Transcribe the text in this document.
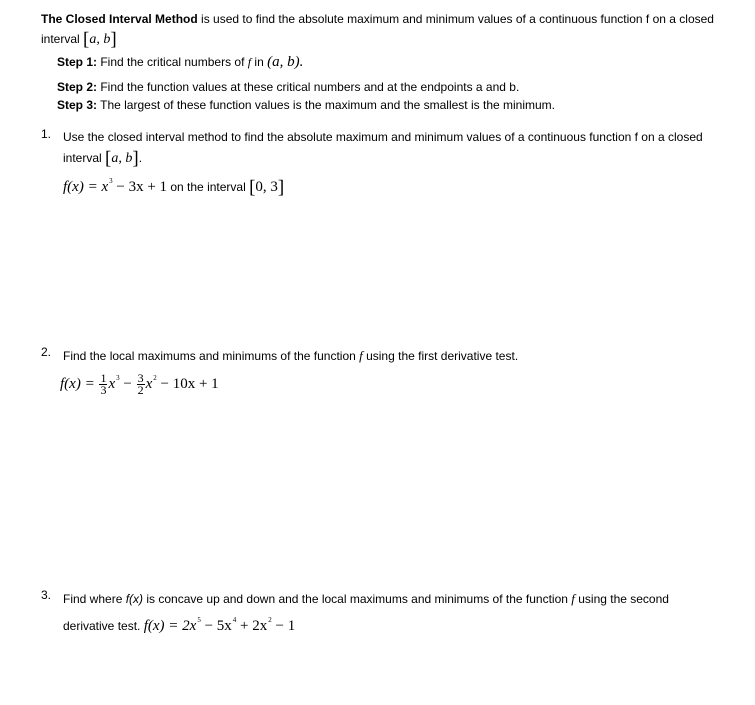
The Closed Interval Method is used to find the absolute maximum and minimum values of a continuous function f on a closed interval [a, b]
Step 1: Find the critical numbers of f in (a, b).
Step 2: Find the function values at these critical numbers and at the endpoints a and b.
Step 3: The largest of these function values is the maximum and the smallest is the minimum.
1. Use the closed interval method to find the absolute maximum and minimum values of a continuous function f on a closed interval [a, b].
$f(x) = x^3 - 3x + 1$ on the interval [0, 3]
2. Find the local maximums and minimums of the function f using the first derivative test.
$f(x) = \frac{1}{3} x^3 - \frac{3}{2} x^2 - 10x + 1$
3. Find where f(x) is concave up and down and the local maximums and minimums of the function f using the second derivative test. $f(x) = 2x^5 - 5x^4 + 2x^2 - 1$
